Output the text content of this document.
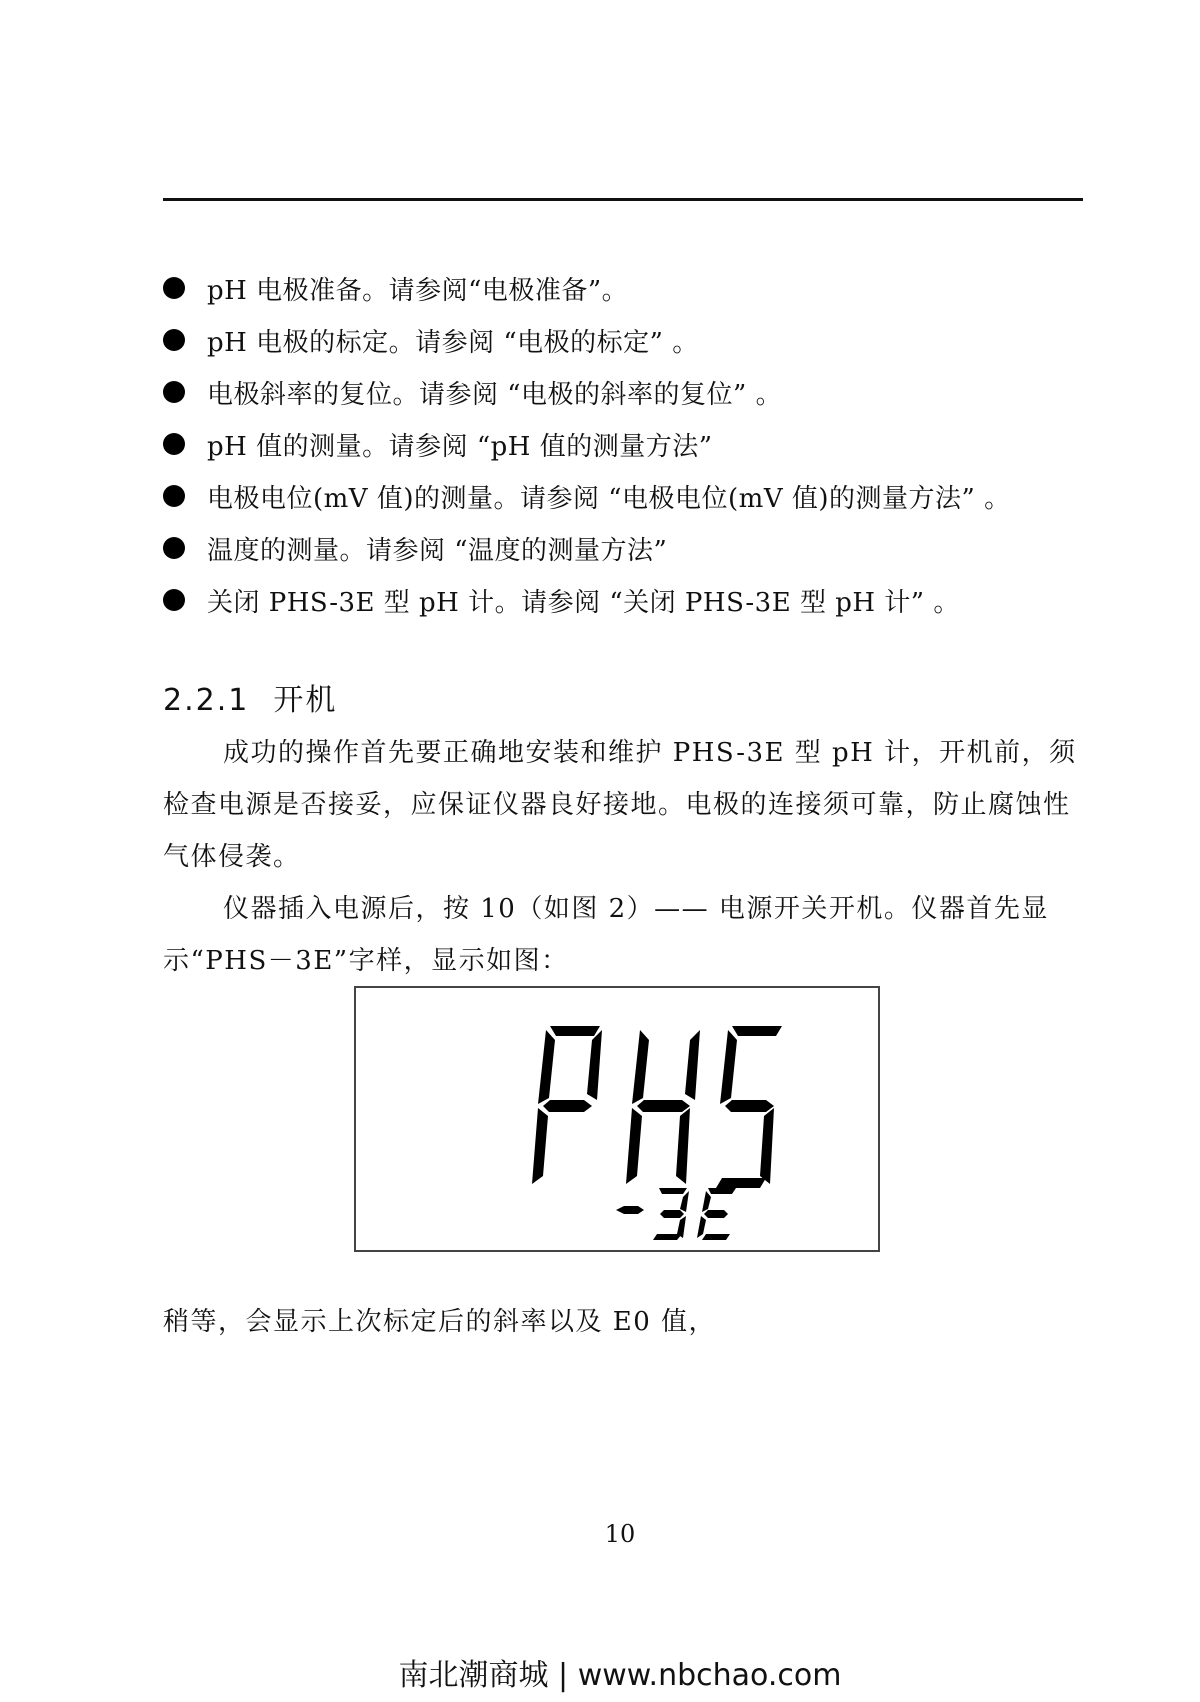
pH 电极准备。请参阅“电极准备”。
pH 电极的标定。请参阅 “电极的标定” 。
电极斜率的复位。请参阅 “电极的斜率的复位” 。
pH 值的测量。请参阅 “pH 值的测量方法”
电极电位(mV 值)的测量。请参阅 “电极电位(mV 值)的测量方法” 。
温度的测量。请参阅 “温度的测量方法”
关闭 PHS-3E 型 pH 计。请参阅 “关闭 PHS-3E 型 pH 计” 。
2.2.1 开机

成功的操作首先要正确地安装和维护 PHS-3E 型 pH 计，开机前，须检查电源是否接妥，应保证仪器良好接地。电极的连接须可靠，防止腐蚀性气体侵袭。

仪器插入电源后，按 10（如图 2）—— 电源开关开机。仪器首先显示“PHS－3E”字样，显示如图：

稍等，会显示上次标定后的斜率以及 E0 值，

10
南北潮商城 | www.nbchao.com
